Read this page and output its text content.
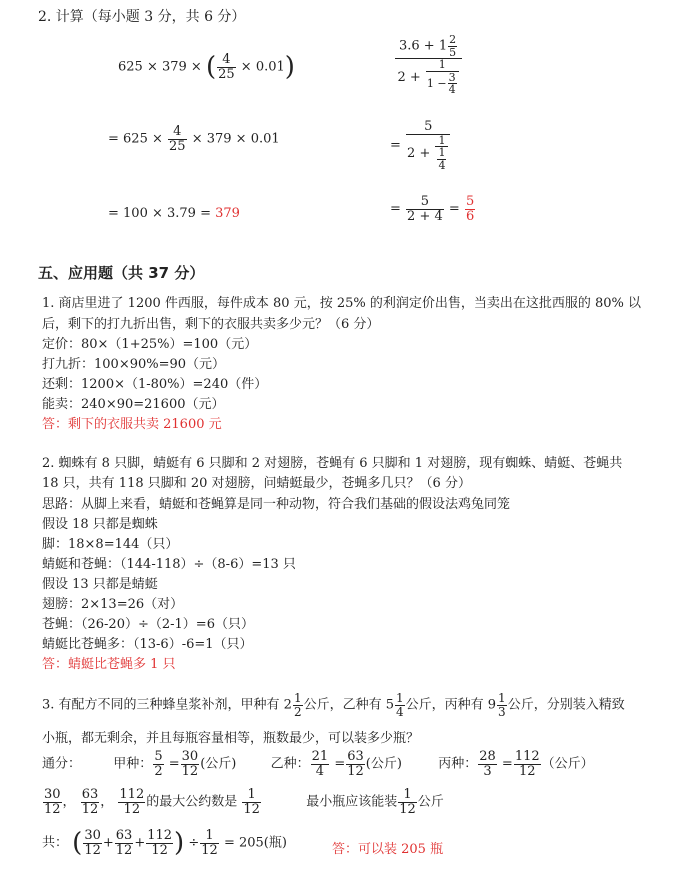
2. 计算（每小题 3 分，共 6 分）
625 × 379 × ( $\frac{4}{25} \times 0.01$)
= $625 \times \frac{4}{25} \times 379 \times 0.01$
= 100 × 3.79 = 379
$\frac{3.6 + 1 \frac{2}{5}}{2 + \frac{1}{1 - \frac{3}{4}}}$
= $\frac{5}{2 + \frac{1}{\frac{1}{4}}}$
= $\frac{5}{2 + 4} = \frac{5}{6}$
五、应用题（共 37 分）
1. 商店里进了 1200 件西服，每件成本 80 元，按 25% 的利润定价出售，当卖出在这批西服的 80% 以
后，剩下的打九折出售，剩下的衣服共卖多少元？（6 分）
定价：80×（1+25%）=100（元）
打九折：100×90%=90（元）
还剩：1200×（1-80%）=240（件）
能卖：240×90=21600（元）
答：剩下的衣服共卖 21600 元
2. 蜘蛛有 8 只脚，蜻蜓有 6 只脚和 2 对翅膀，苍蝇有 6 只脚和 1 对翅膀，现有蜘蛛、蜻蜓、苍蝇共
18 只，共有 118 只脚和 20 对翅膀，问蜻蜓最少，苍蝇多几只？（6 分）
思路：从脚上来看，蜻蜓和苍蝇算是同一种动物，符合我们基础的假设法鸡兔同笼
假设 18 只都是蜘蛛
脚：18×8=144（只）
蜻蜓和苍蝇：（144-118）÷（8-6）=13 只
假设 13 只都是蜻蜓
翅膀：2×13=26（对）
苍蝇：（26-20）÷（2-1）=6（只）
蜻蜓比苍蝇多：（13-6）-6=1（只）
答：蜻蜓比苍蝇多 1 只
3. 有配方不同的三种蜂皇浆补剂，甲种有 $2 \frac{1}{2}$ 公斤，乙种有 $5 \frac{1}{4}$ 公斤，丙种有 $9 \frac{1}{3}$ 公斤，分别装入精致
小瓶，都无剩余，并且每瓶容量相等，瓶数最少，可以装多少瓶？
通分： 甲种： $\frac{5}{2} = \frac{30}{12}$ (公斤)	乙种： $\frac{21}{4} = \frac{63}{12}$ (公斤)	丙种： $\frac{28}{3} = \frac{112}{12}$ （公斤）
$\frac{30}{12}$ ， $\frac{63}{12}$ ， $\frac{112}{12}$ 的最大公约数是 $\frac{1}{12}$	最小瓶应该能装 $\frac{1}{12}$ 公斤
共： ( $\frac{30}{12} + \frac{63}{12} + \frac{112}{12}$ ) ÷ $\frac{1}{12} = 205$(瓶)	答：可以装 205 瓶
